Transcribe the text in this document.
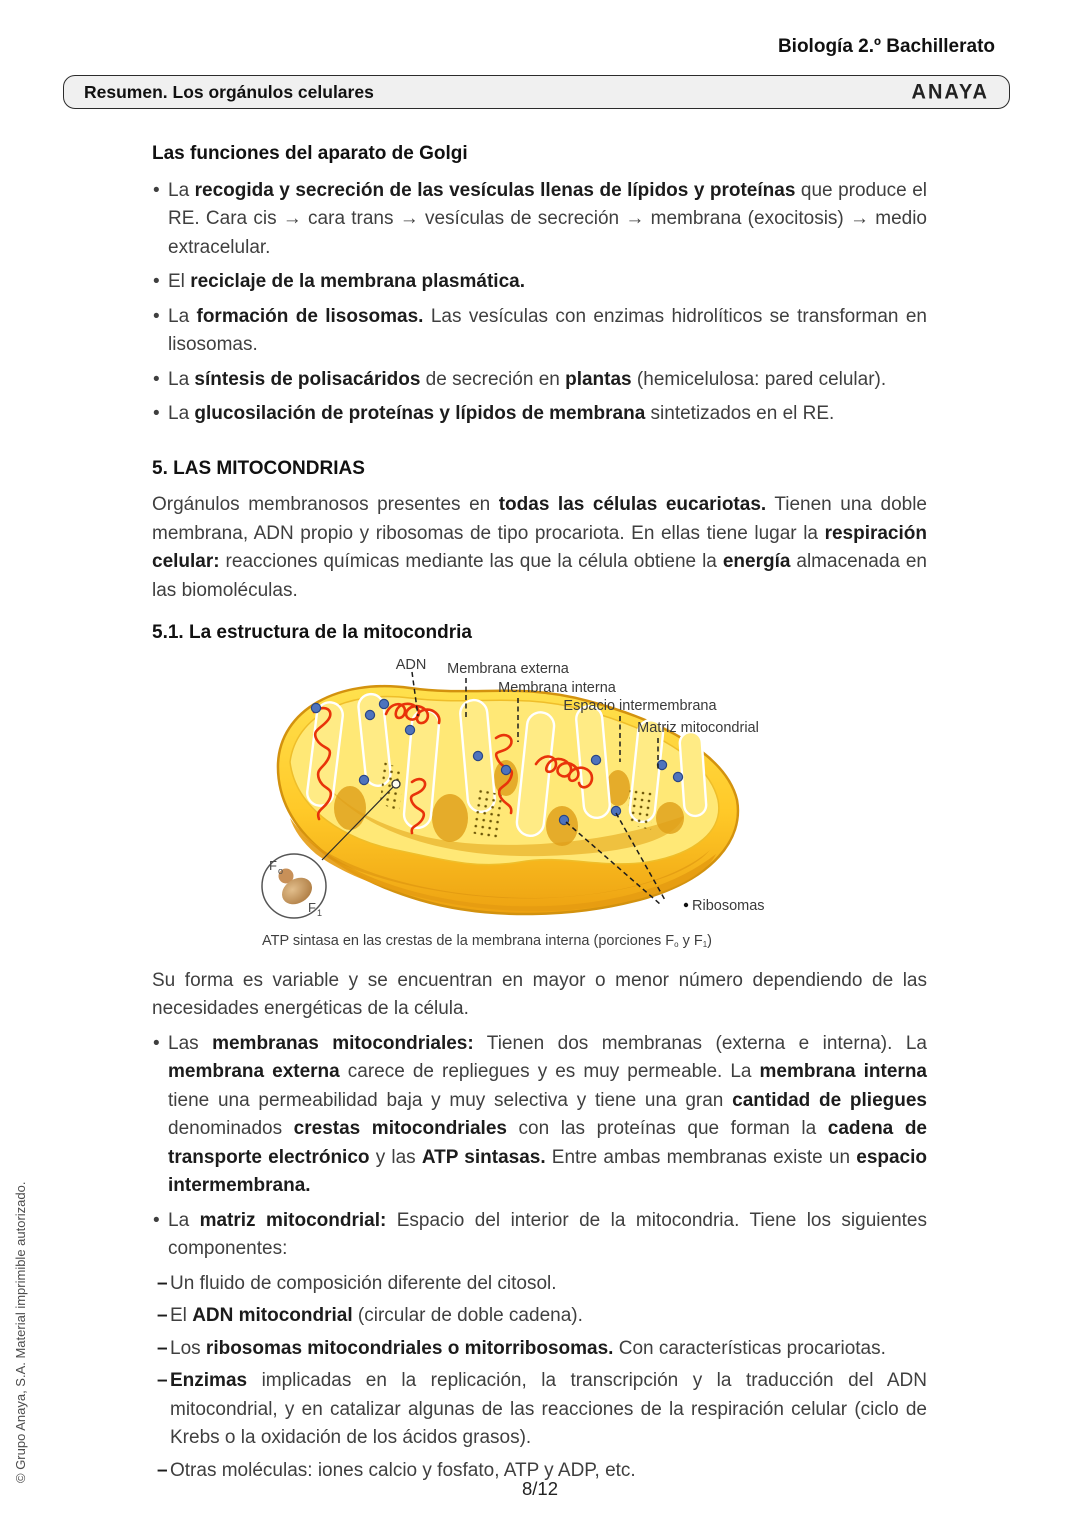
Biología 2.º Bachillerato
Resumen. Los orgánulos celulares	ANAYA
Las funciones del aparato de Golgi
• La recogida y secreción de las vesículas llenas de lípidos y proteínas que produce el RE. Cara cis → cara trans → vesículas de secreción → membrana (exocitosis) → medio extracelular.
• El reciclaje de la membrana plasmática.
• La formación de lisosomas. Las vesículas con enzimas hidrolíticos se transforman en lisosomas.
• La síntesis de polisacáridos de secreción en plantas (hemicelulosa: pared celular).
• La glucosilación de proteínas y lípidos de membrana sintetizados en el RE.
5. LAS MITOCONDRIAS
Orgánulos membranosos presentes en todas las células eucariotas. Tienen una doble membrana, ADN propio y ribosomas de tipo procariota. En ellas tiene lugar la respiración celular: reacciones químicas mediante las que la célula obtiene la energía almacenada en las biomoléculas.
5.1. La estructura de la mitocondria
ADN Membrana externa
Membrana interna
Espacio intermembrana
Matriz mitocondrial
Ribosomas
F o
F 1
ATP sintasa en las crestas de la membrana interna (porciones $F_o$ y $F_1$)
Su forma es variable y se encuentran en mayor o menor número dependiendo de las necesidades energéticas de la célula.
• Las membranas mitocondriales: Tienen dos membranas (externa e interna). La membrana externa carece de repliegues y es muy permeable. La membrana interna tiene una permeabilidad baja y muy selectiva y tiene una gran cantidad de pliegues denominados crestas mitocondriales con las proteínas que forman la cadena de transporte electrónico y las ATP sintasas. Entre ambas membranas existe un espacio intermembrana.
• La matriz mitocondrial: Espacio del interior de la mitocondria. Tiene los siguientes componentes:
– Un fluido de composición diferente del citosol.
– El ADN mitocondrial (circular de doble cadena).
– Los ribosomas mitocondriales o mitorribosomas. Con características procariotas.
– Enzimas implicadas en la replicación, la transcripción y la traducción del ADN mitocondrial, y en catalizar algunas de las reacciones de la respiración celular (ciclo de Krebs o la oxidación de los ácidos grasos).
– Otras moléculas: iones calcio y fosfato, ATP y ADP, etc.
8/12
© Grupo Anaya, S.A. Material imprimible autorizado.
